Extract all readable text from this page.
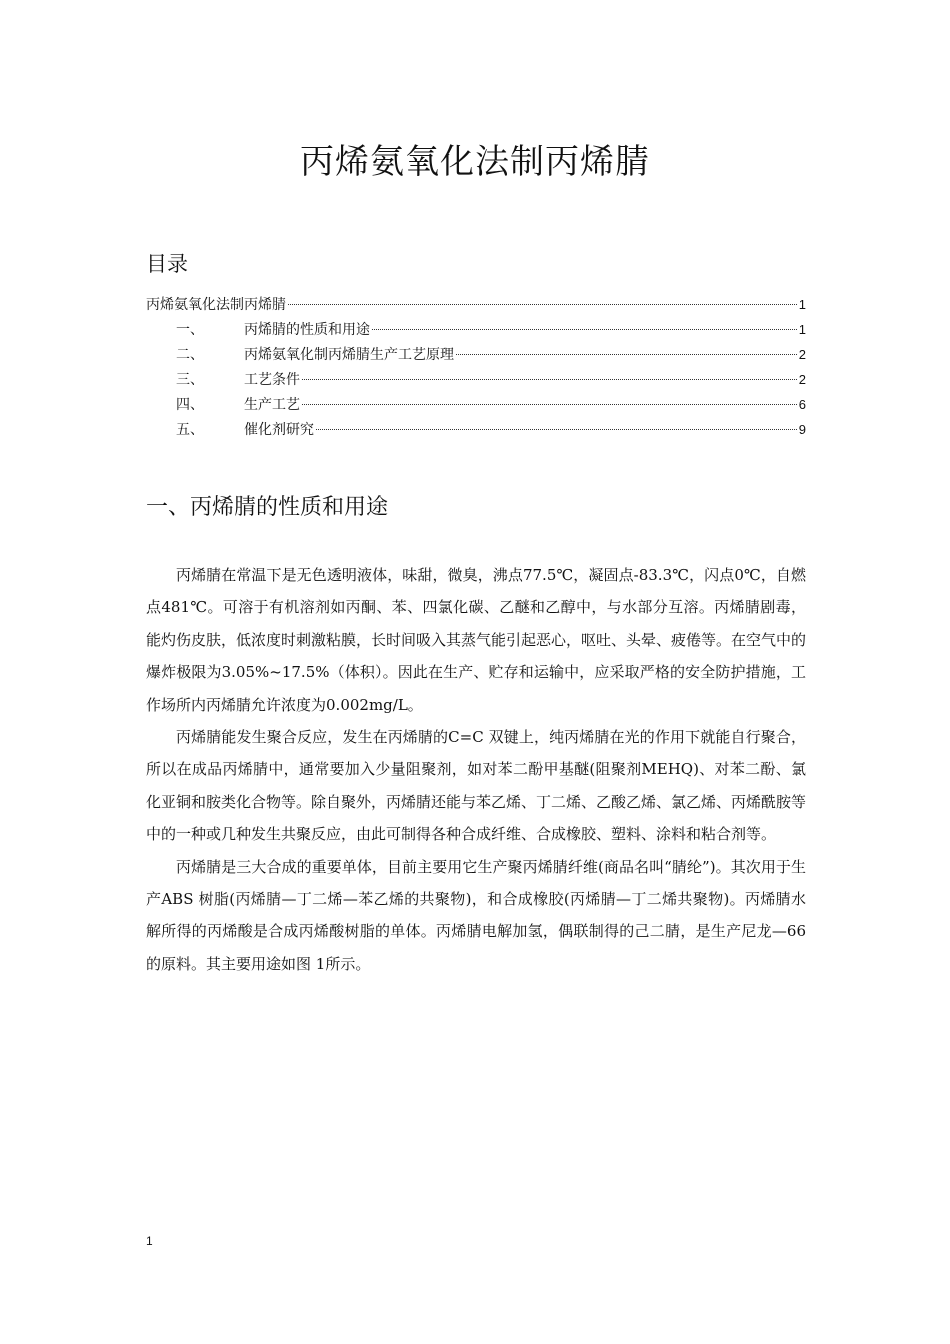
丙烯氨氧化法制丙烯腈
目录
丙烯氨氧化法制丙烯腈	1
一、	丙烯腈的性质和用途	1
二、	丙烯氨氧化制丙烯腈生产工艺原理	2
三、	工艺条件	2
四、	生产工艺	6
五、	催化剂研究	9
一、丙烯腈的性质和用途

丙烯腈在常温下是无色透明液体，味甜，微臭，沸点77.5℃，凝固点-83.3℃，闪点0℃，自燃点481℃。可溶于有机溶剂如丙酮、苯、四氯化碳、乙醚和乙醇中，与水部分互溶。丙烯腈剧毒，能灼伤皮肤，低浓度时刺激粘膜，长时间吸入其蒸气能引起恶心，呕吐、头晕、疲倦等。在空气中的爆炸极限为3.05%~17.5%（体积）。因此在生产、贮存和运输中，应采取严格的安全防护措施，工作场所内丙烯腈允许浓度为0.002mg/L。

丙烯腈能发生聚合反应，发生在丙烯腈的C=C 双键上，纯丙烯腈在光的作用下就能自行聚合，所以在成品丙烯腈中，通常要加入少量阻聚剂，如对苯二酚甲基醚(阻聚剂MEHQ)、对苯二酚、氯化亚铜和胺类化合物等。除自聚外，丙烯腈还能与苯乙烯、丁二烯、乙酸乙烯、氯乙烯、丙烯酰胺等中的一种或几种发生共聚反应，由此可制得各种合成纤维、合成橡胶、塑料、涂料和粘合剂等。

丙烯腈是三大合成的重要单体，目前主要用它生产聚丙烯腈纤维(商品名叫“腈纶”)。其次用于生产ABS 树脂(丙烯腈—丁二烯—苯乙烯的共聚物)，和合成橡胶(丙烯腈—丁二烯共聚物)。丙烯腈水解所得的丙烯酸是合成丙烯酸树脂的单体。丙烯腈电解加氢，偶联制得的己二腈，是生产尼龙—66 的原料。其主要用途如图 1所示。

1
